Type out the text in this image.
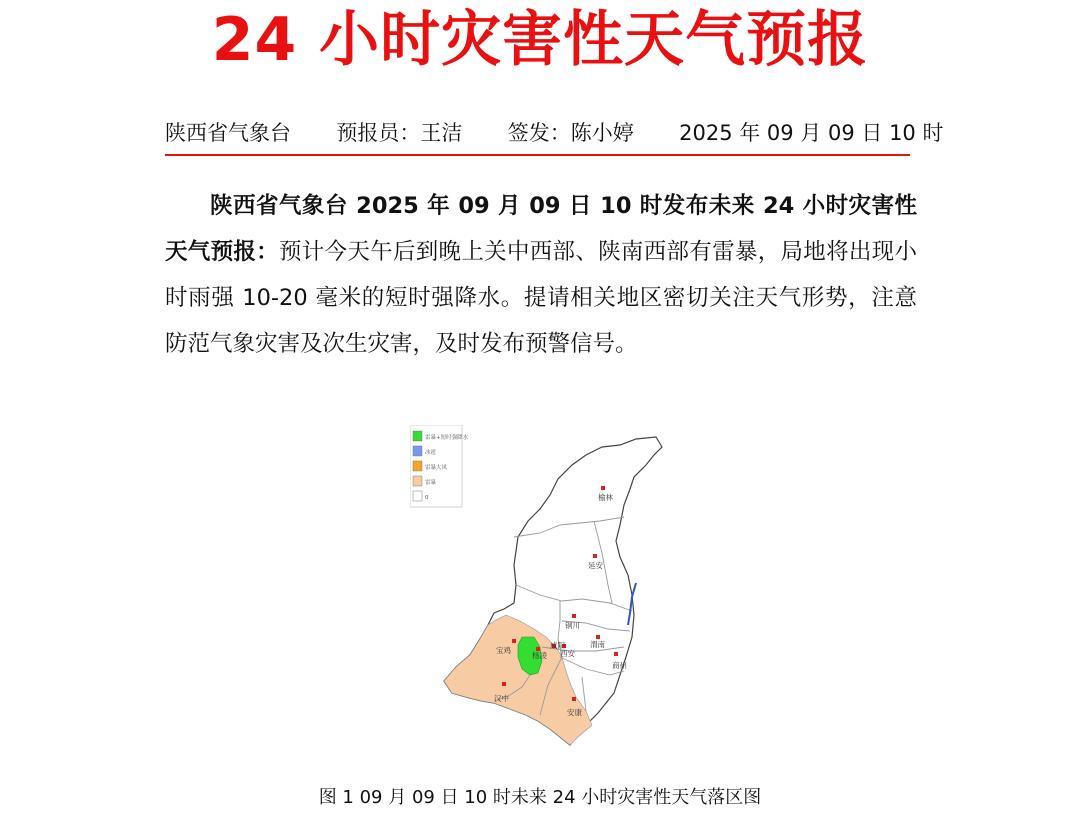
24 小时灾害性天气预报
陕西省气象台 预报员：王洁 签发：陈小婷 2025 年 09 月 09 日 10 时

陕西省气象台 2025 年 09 月 09 日 10 时发布未来 24 小时灾害性天气预报：预计今天午后到晚上关中西部、陕南西部有雷暴，局地将出现小时雨强 10-20 毫米的短时强降水。提请相关地区密切关注天气形势，注意防范气象灾害及次生灾害，及时发布预警信号。

雷暴+短时强降水
冰雹
雷暴大风
雷暴
0	榆林
延安
铜川
渭南
西安
咸阳
杨凌
宝鸡
商州
汉中
安康
图 1 09 月 09 日 10 时未来 24 小时灾害性天气落区图
